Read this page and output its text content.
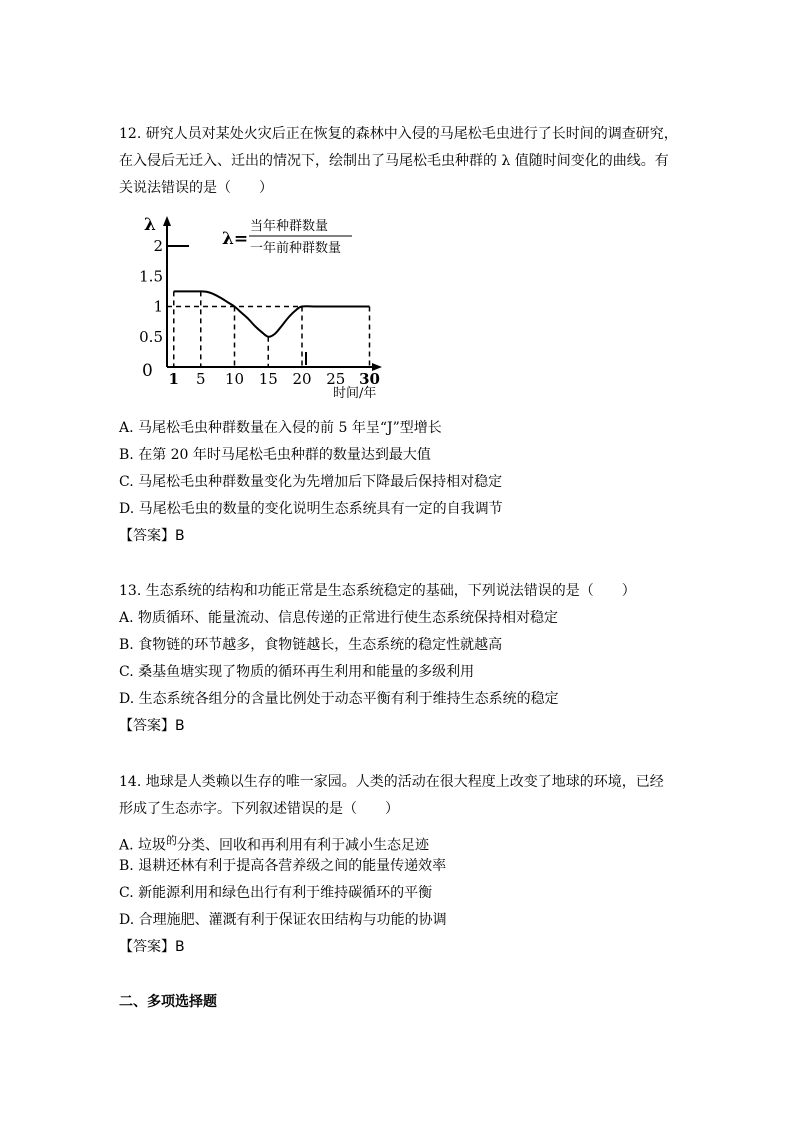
12. 研究人员对某处火灾后正在恢复的森林中入侵的马尾松毛虫进行了长时间的调查研究，
在入侵后无迁入、迁出的情况下，绘制出了马尾松毛虫种群的 λ 值随时间变化的曲线。有
关说法错误的是（　　）
λ
0
时间/年
λ=
当年种群数量
一年前种群数量
0.5
1
1.5
2
1 5 10 15 20 25 30
A. 马尾松毛虫种群数量在入侵的前 5 年呈“J”型增长
B. 在第 20 年时马尾松毛虫种群的数量达到最大值
C. 马尾松毛虫种群数量变化为先增加后下降最后保持相对稳定
D. 马尾松毛虫的数量的变化说明生态系统具有一定的自我调节
【答案】B
13. 生态系统的结构和功能正常是生态系统稳定的基础，下列说法错误的是（　　）
A. 物质循环、能量流动、信息传递的正常进行使生态系统保持相对稳定
B. 食物链的环节越多，食物链越长，生态系统的稳定性就越高
C. 桑基鱼塘实现了物质的循环再生利用和能量的多级利用
D. 生态系统各组分的含量比例处于动态平衡有利于维持生态系统的稳定
【答案】B
14. 地球是人类赖以生存的唯一家园。人类的活动在很大程度上改变了地球的环境，已经
形成了生态赤字。下列叙述错误的是（　　）
A. 垃圾$^的$分类、回收和再利用有利于减小生态足迹
B. 退耕还林有利于提高各营养级之间的能量传递效率
C. 新能源利用和绿色出行有利于维持碳循环的平衡
D. 合理施肥、灌溉有利于保证农田结构与功能的协调
【答案】B
二、多项选择题
